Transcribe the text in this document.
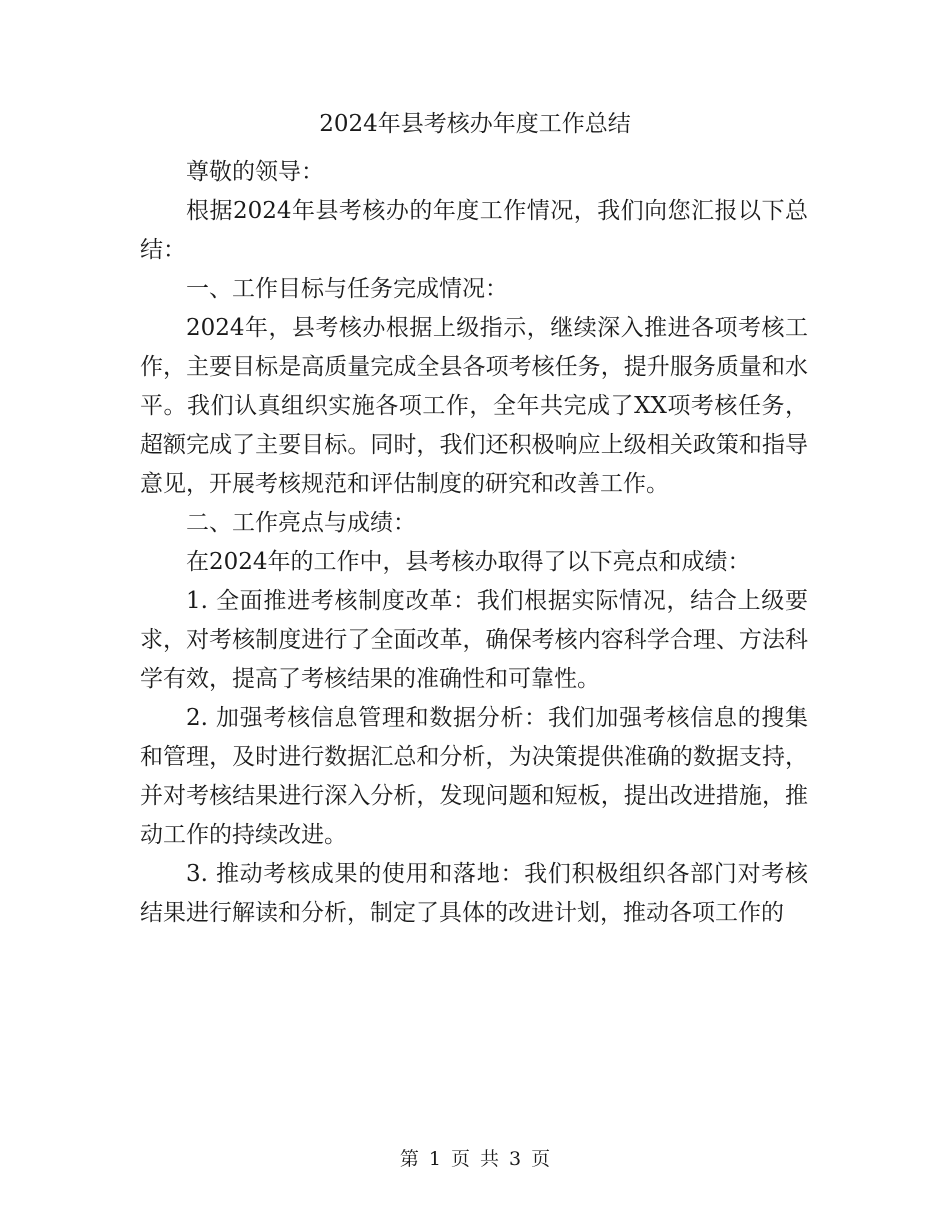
2024年县考核办年度工作总结

尊敬的领导：

根据2024年县考核办的年度工作情况，我们向您汇报以下总结：

一、工作目标与任务完成情况：

2024年，县考核办根据上级指示，继续深入推进各项考核工作，主要目标是高质量完成全县各项考核任务，提升服务质量和水平。我们认真组织实施各项工作，全年共完成了XX项考核任务，超额完成了主要目标。同时，我们还积极响应上级相关政策和指导意见，开展考核规范和评估制度的研究和改善工作。

二、工作亮点与成绩：

在2024年的工作中，县考核办取得了以下亮点和成绩：

1. 全面推进考核制度改革：我们根据实际情况，结合上级要求，对考核制度进行了全面改革，确保考核内容科学合理、方法科学有效，提高了考核结果的准确性和可靠性。

2. 加强考核信息管理和数据分析：我们加强考核信息的搜集和管理，及时进行数据汇总和分析，为决策提供准确的数据支持，并对考核结果进行深入分析，发现问题和短板，提出改进措施，推动工作的持续改进。

3. 推动考核成果的使用和落地：我们积极组织各部门对考核结果进行解读和分析，制定了具体的改进计划，推动各项工作的

第 1 页 共 3 页
